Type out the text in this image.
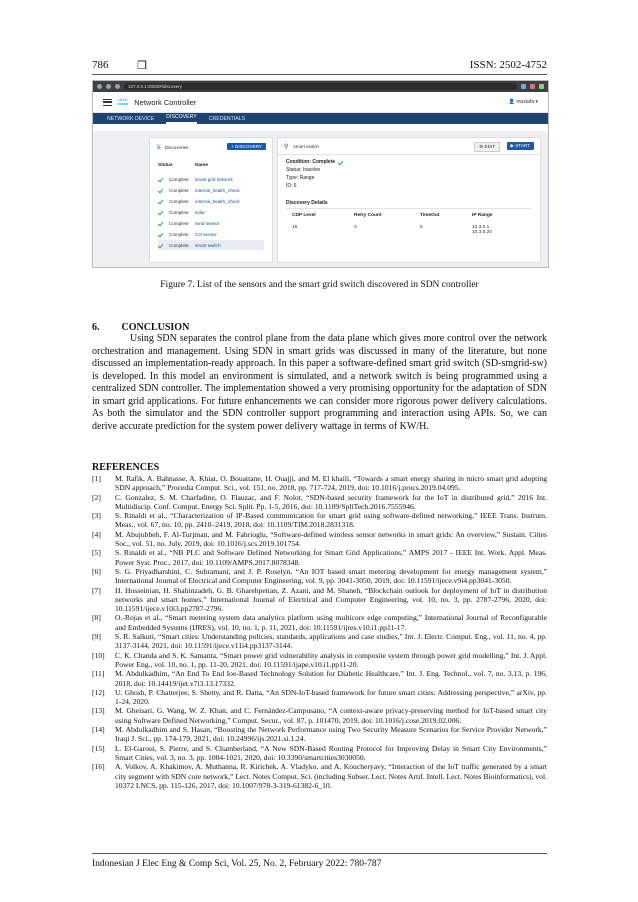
786	❒	ISSN: 2502-4752
127.0.0.1:2003/#/discovery
ılıılı
cisco Network Controller	👤 mustafa ▾
NETWORK DEVICE DISCOVERY CREDENTIALS
📡 Discoveries	+ DISCOVERY
Status	Name
Complete	smart grid network
Complete	internal_health_check
Complete	internal_health_check
Complete	solar
Complete	wind sensor
Complete	CO sensor
Complete	smart switch
⚲ smart switch	⚙ EDIT	▶ START
Condition: Complete
Status: Inactive
Type: Range
ID: 6
Discovery Details
CDP Level	Retry Count	TimeOut	IP Range
16	3	5	10.3.0.1
10.3.0.20
Figure 7. List of the sensors and the smart grid switch discovered in SDN controller
6. CONCLUSION
Using SDN separates the control plane from the data plane which gives more control over the network orchestration and management. Using SDN in smart grids was discussed in many of the literature, but none discussed an implementation-ready approach. In this paper a software-defined smart grid switch (SD-smgrid-sw) is developed. In this model an environment is simulated, and a network switch is being programmed using a centralized SDN controller. The implementation showed a very promising opportunity for the adaptation of SDN in smart grid applications. For future enhancements we can consider more rigorous power delivery calculations. As both the simulator and the SDN controller support programming and interaction using APIs. So, we can derive accurate prediction for the system power delivery wattage in terms of KW/H.
REFERENCES
[1]	M. Rafik, A. Bahnasse, A. Khiat, O. Bouattane, H. Ouajji, and M. El khaili, “Towards a smart energy sharing in micro smart grid adopting SDN approach,” Procedia Comput. Sci., vol. 151, no. 2018, pp. 717-724, 2019, doi: 10.1016/j.procs.2019.04.095.
[2]	C. Gonzalez, S. M. Charfadine, O. Flauzac, and F. Nolot, “SDN-based security framework for the IoT in distributed grid,” 2016 Int. Multidiscip. Conf. Comput. Energy Sci. Split. Pp. 1-5, 2016, doi: 10.1109/SpliTech.2016.7555946.
[3]	S. Rinaldi et al., “Characterization of IP-Based communication for smart grid using software-defined networking,” IEEE Trans. Instrum. Meas., vol. 67, no. 10, pp. 2410–2419, 2018, doi: 10.1109/TIM.2018.2831318.
[4]	M. Abujubbeh, F. Al-Turjman, and M. Fahrioglu, “Software-defined wireless sensor networks in smart grids: An overview,” Sustain. Cities Soc., vol. 51, no. July, 2019, doi: 10.1016/j.scs.2019.101754.
[5]	S. Rinaldi et al., “NB PLC and Software Defined Networking for Smart Grid Applications,” AMPS 2017 - IEEE Int. Work. Appl. Meas. Power Syst. Proc., 2017, doi: 10.1109/AMPS.2017.8078348.
[6]	S. G. Priyadharshini, C. Subramani, and J. P. Roselyn, “An IOT based smart metering development for energy management system,” International Journal of Electrical and Computer Engineering, vol. 9, pp. 3041-3050, 2019, doi: 10.11591/ijece.v9i4.pp3041-3050.
[7]	H. Hosseinian, H. Shahinzadeh, G. B. Gharehpetian, Z. Azani, and M. Shaneh, “Blockchain outlook for deployment of IoT in distribution networks and smart homes,” International Journal of Electrical and Computer Engineering, vol. 10, no. 3, pp. 2787-2796, 2020, doi: 10.11591/ijece.v10i3.pp2787-2796.
[8]	O.-Rojas et al., “Smart metering system data analytics platform using multicore edge computing,” International Journal of Reconfigurable and Embedded Systems (IJRES), vol. 10, no. 1, p. 11, 2021, doi: 10.11591/ijres.v10.i1.pp11-17.
[9]	S. R. Salkuti, “Smart cities: Understanding policies, standards, applications and case studies,” Int. J. Electr. Comput. Eng., vol. 11, no. 4, pp. 3137-3144, 2021, doi: 10.11591/ijece.v11i4.pp3137-3144.
[10]	C. K. Chanda and S. K. Samanta, “Smart power grid vulnerability analysis in composite system through power grid modelling,” Int. J. Appl. Power Eng., vol. 10, no. 1, pp. 11-20, 2021, doi: 10.11591/ijape.v10.i1.pp11-20.
[11]	M. Abdulkadhim, “An End To End Ioe-Based Technology Solution for Diabetic Healthcare,” Int. J. Eng. Technol., vol. 7, no. 3.13, p. 196, 2018, doi: 10.14419/ijet.v7i3.13.17332.
[12]	U. Ghosh, P. Chatterjee, S. Shetty, and R. Datta, “An SDN-IoT-based framework for future smart cities: Addressing perspective,” arXiv, pp. 1-24, 2020.
[13]	M. Gheisari, G. Wang, W. Z. Khan, and C. Fernández-Campusano, “A context-aware privacy-preserving method for IoT-based smart city using Software Defined Networking,” Comput. Secur., vol. 87, p. 101470, 2019, doi: 10.1016/j.cose.2019.02.006.
[14]	M. Abdulkadhim and S. Hasan, “Boosting the Network Performance using Two Security Measure Scenarios for Service Provider Network,” Iraqi J. Sci., pp. 174-179, 2021, doi: 10.24996/ijs.2021.si.1.24.
[15]	L. El-Garoui, S. Pierre, and S. Chamberland, “A New SDN-Based Routing Protocol for Improving Delay in Smart City Environments,” Smart Cities, vol. 3, no. 3, pp. 1004-1021, 2020, doi: 10.3390/smartcities3030050.
[16]	A. Volkov, A. Khakimov, A. Muthanna, R. Kirichek, A. Vladyko, and A. Koucheryavy, “Interaction of the IoT traffic generated by a smart city segment with SDN core network,” Lect. Notes Comput. Sci. (including Subser. Lect. Notes Artif. Intell. Lect. Notes Bioinformatics), vol. 10372 LNCS, pp. 115-126, 2017, doi: 10.1007/978-3-319-61382-6_10.
Indonesian J Elec Eng & Comp Sci, Vol. 25, No. 2, February 2022: 780-787
